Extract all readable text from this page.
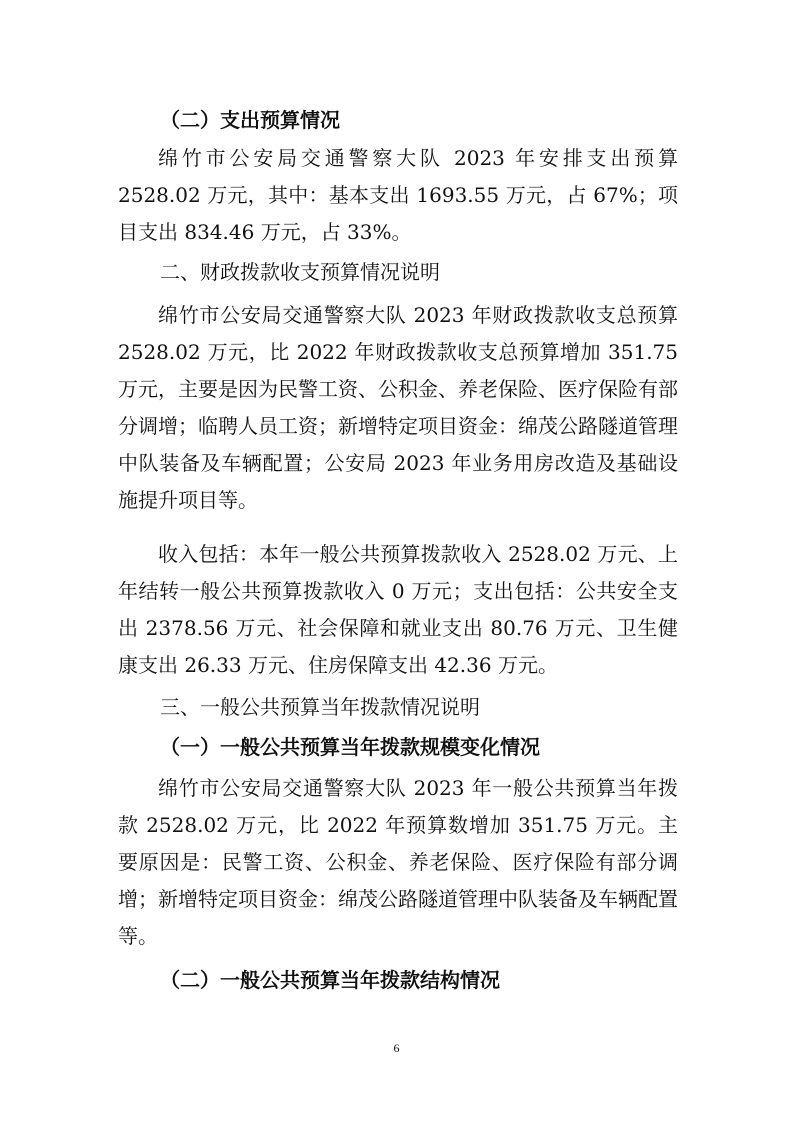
（二）支出预算情况

绵竹市公安局交通警察大队 2023 年安排支出预算2528.02 万元，其中：基本支出 1693.55 万元，占 67%；项目支出 834.46 万元，占 33%。

二、财政拨款收支预算情况说明

绵竹市公安局交通警察大队 2023 年财政拨款收支总预算 2528.02 万元，比 2022 年财政拨款收支总预算增加 351.75 万元，主要是因为民警工资、公积金、养老保险、医疗保险有部分调增；临聘人员工资；新增特定项目资金：绵茂公路隧道管理中队装备及车辆配置；公安局 2023 年业务用房改造及基础设施提升项目等。

收入包括：本年一般公共预算拨款收入 2528.02 万元、上年结转一般公共预算拨款收入 0 万元；支出包括：公共安全支出 2378.56 万元、社会保障和就业支出 80.76 万元、卫生健康支出 26.33 万元、住房保障支出 42.36 万元。

三、一般公共预算当年拨款情况说明

（一）一般公共预算当年拨款规模变化情况

绵竹市公安局交通警察大队 2023 年一般公共预算当年拨款 2528.02 万元，比 2022 年预算数增加 351.75 万元。主要原因是：民警工资、公积金、养老保险、医疗保险有部分调增；新增特定项目资金：绵茂公路隧道管理中队装备及车辆配置等。

（二）一般公共预算当年拨款结构情况

6
